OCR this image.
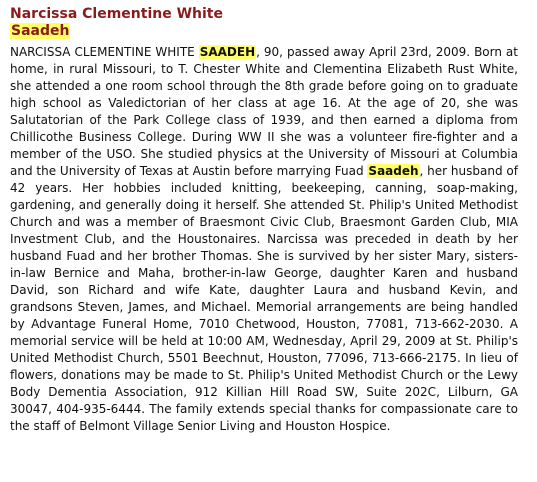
Narcissa Clementine White
Saadeh

NARCISSA CLEMENTINE WHITE SAADEH, 90, passed away April 23rd, 2009. Born at home, in rural Missouri, to T. Chester White and Clementina Elizabeth Rust White, she attended a one room school through the 8th grade before going on to graduate high school as Valedictorian of her class at age 16. At the age of 20, she was Salutatorian of the Park College class of 1939, and then earned a diploma from Chillicothe Business College. During WW II she was a volunteer fire-fighter and a member of the USO. She studied physics at the University of Missouri at Columbia and the University of Texas at Austin before marrying Fuad Saadeh, her husband of 42 years. Her hobbies included knitting, beekeeping, canning, soap-making, gardening, and generally doing it herself. She attended St. Philip's United Methodist Church and was a member of Braesmont Civic Club, Braesmont Garden Club, MIA Investment Club, and the Houstonaires. Narcissa was preceded in death by her husband Fuad and her brother Thomas. She is survived by her sister Mary, sisters-in-law Bernice and Maha, brother-in-law George, daughter Karen and husband David, son Richard and wife Kate, daughter Laura and husband Kevin, and grandsons Steven, James, and Michael. Memorial arrangements are being handled by Advantage Funeral Home, 7010 Chetwood, Houston, 77081, 713-662-2030. A memorial service will be held at 10:00 AM, Wednesday, April 29, 2009 at St. Philip's United Methodist Church, 5501 Beechnut, Houston, 77096, 713-666-2175. In lieu of flowers, donations may be made to St. Philip's United Methodist Church or the Lewy Body Dementia Association, 912 Killian Hill Road SW, Suite 202C, Lilburn, GA 30047, 404-935-6444. The family extends special thanks for compassionate care to the staff of Belmont Village Senior Living and Houston Hospice.
